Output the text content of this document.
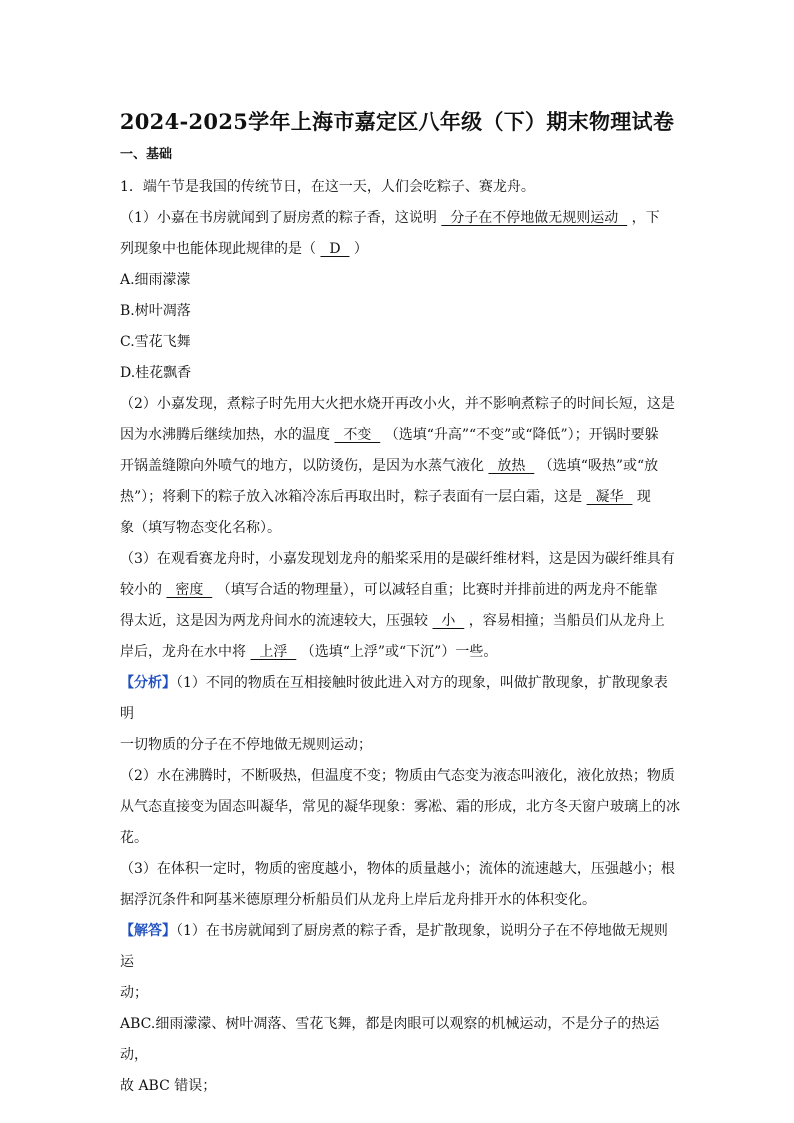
2024-2025学年上海市嘉定区八年级（下）期末物理试卷
一、基础

1．端午节是我国的传统节日，在这一天，人们会吃粽子、赛龙舟。

（1）小嘉在书房就闻到了厨房煮的粽子香，这说明   分子在不停地做无规则运动   ，下

列现象中也能体现此规律的是（   D   ）

A.细雨濛濛

B.树叶凋落

C.雪花飞舞

D.桂花飘香

（2）小嘉发现，煮粽子时先用大火把水烧开再改小火，并不影响煮粽子的时间长短，这是

因为水沸腾后继续加热，水的温度   不变   （选填“升高”“不变”或“降低”）；开锅时要躲

开锅盖缝隙向外喷气的地方，以防烫伤，是因为水蒸气液化   放热   （选填“吸热”或“放

热”）；将剩下的粽子放入冰箱冷冻后再取出时，粽子表面有一层白霜，这是   凝华   现

象（填写物态变化名称）。

（3）在观看赛龙舟时，小嘉发现划龙舟的船桨采用的是碳纤维材料，这是因为碳纤维具有

较小的   密度   （填写合适的物理量），可以减轻自重；比赛时并排前进的两龙舟不能靠

得太近，这是因为两龙舟间水的流速较大，压强较   小   ，容易相撞；当船员们从龙舟上

岸后，龙舟在水中将   上浮   （选填“上浮”或“下沉”）一些。

【分析】（1）不同的物质在互相接触时彼此进入对方的现象，叫做扩散现象，扩散现象表明

一切物质的分子在不停地做无规则运动；

（2）水在沸腾时，不断吸热，但温度不变；物质由气态变为液态叫液化，液化放热；物质

从气态直接变为固态叫凝华，常见的凝华现象：雾凇、霜的形成，北方冬天窗户玻璃上的冰

花。

（3）在体积一定时，物质的密度越小，物体的质量越小；流体的流速越大，压强越小；根

据浮沉条件和阿基米德原理分析船员们从龙舟上岸后龙舟排开水的体积变化。

【解答】（1）在书房就闻到了厨房煮的粽子香，是扩散现象，说明分子在不停地做无规则运

动；

ABC.细雨濛濛、树叶凋落、雪花飞舞，都是肉眼可以观察的机械运动，不是分子的热运动，

故 ABC 错误；
